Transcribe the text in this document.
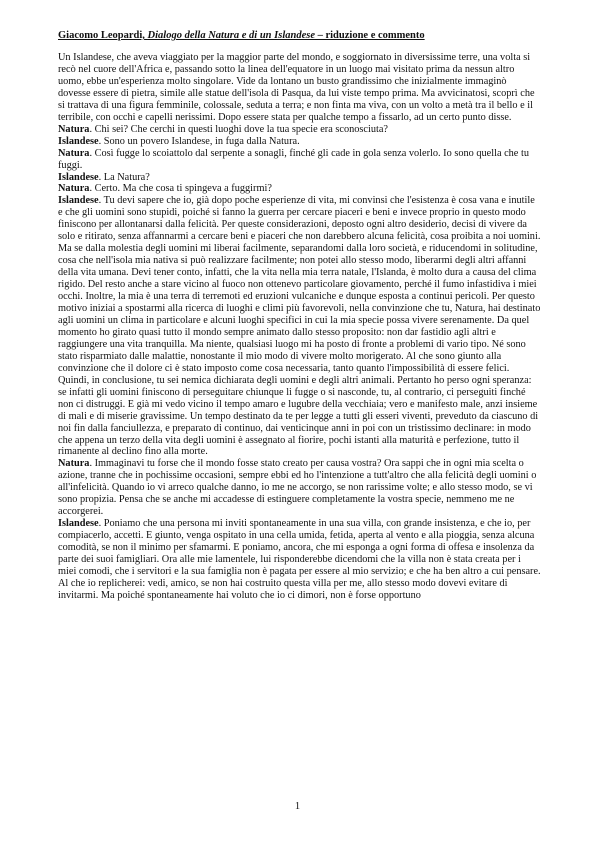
Giacomo Leopardi, Dialogo della Natura e di un Islandese – riduzione e commento

Un Islandese, che aveva viaggiato per la maggior parte del mondo, e soggiornato in diversissime terre, una volta si recò nel cuore dell'Africa e, passando sotto la linea dell'equatore in un luogo mai visitato prima da nessun altro uomo, ebbe un'esperienza molto singolare. Vide da lontano un busto grandissimo che inizialmente immaginò dovesse essere di pietra, simile alle statue dell'isola di Pasqua, da lui viste tempo prima. Ma avvicinatosi, scoprì che si trattava di una figura femminile, colossale, seduta a terra; e non finta ma viva, con un volto a metà tra il bello e il terribile, con occhi e capelli nerissimi. Dopo essere stata per qualche tempo a fissarlo, ad un certo punto disse.

Natura. Chi sei? Che cerchi in questi luoghi dove la tua specie era sconosciuta?

Islandese. Sono un povero Islandese, in fuga dalla Natura.

Natura. Così fugge lo scoiattolo dal serpente a sonagli, finché gli cade in gola senza volerlo. Io sono quella che tu fuggi.

Islandese. La Natura?

Natura. Certo. Ma che cosa ti spingeva a fuggirmi?

Islandese. Tu devi sapere che io, già dopo poche esperienze di vita, mi convinsi che l'esistenza è cosa vana e inutile e che gli uomini sono stupidi, poiché si fanno la guerra per cercare piaceri e beni e invece proprio in questo modo finiscono per allontanarsi dalla felicità. Per queste considerazioni, deposto ogni altro desiderio, decisi di vivere da solo e ritirato, senza affannarmi a cercare beni e piaceri che non darebbero alcuna felicità, cosa proibita a noi uomini. Ma se dalla molestia degli uomini mi liberai facilmente, separandomi dalla loro società, e riducendomi in solitudine, cosa che nell'isola mia nativa si può realizzare facilmente; non potei allo stesso modo, liberarmi degli altri affanni della vita umana. Devi tener conto, infatti, che la vita nella mia terra natale, l'Islanda, è molto dura a causa del clima rigido. Del resto anche a stare vicino al fuoco non ottenevo particolare giovamento, perché il fumo infastidiva i miei occhi. Inoltre, la mia è una terra di terremoti ed eruzioni vulcaniche e dunque esposta a continui pericoli. Per questo motivo iniziai a spostarmi alla ricerca di luoghi e climi più favorevoli, nella convinzione che tu, Natura, hai destinato agli uomini un clima in particolare e alcuni luoghi specifici in cui la mia specie possa vivere serenamente. Da quel momento ho girato quasi tutto il mondo sempre animato dallo stesso proposito: non dar fastidio agli altri e raggiungere una vita tranquilla. Ma niente, qualsiasi luogo mi ha posto di fronte a problemi di vario tipo. Né sono stato risparmiato dalle malattie, nonostante il mio modo di vivere molto morigerato. Al che sono giunto alla convinzione che il dolore ci è stato imposto come cosa necessaria, tanto quanto l'impossibilità di essere felici. Quindi, in conclusione, tu sei nemica dichiarata degli uomini e degli altri animali. Pertanto ho perso ogni speranza: se infatti gli uomini finiscono di perseguitare chiunque li fugge o si nasconde, tu, al contrario, ci perseguiti finché non ci distruggi. E già mi vedo vicino il tempo amaro e lugubre della vecchiaia; vero e manifesto male, anzi insieme di mali e di miserie gravissime. Un tempo destinato da te per legge a tutti gli esseri viventi, preveduto da ciascuno di noi fin dalla fanciullezza, e preparato di continuo, dai venticinque anni in poi con un tristissimo declinare: in modo che appena un terzo della vita degli uomini è assegnato al fiorire, pochi istanti alla maturità e perfezione, tutto il rimanente al declino fino alla morte.

Natura. Immaginavi tu forse che il mondo fosse stato creato per causa vostra? Ora sappi che in ogni mia scelta o azione, tranne che in pochissime occasioni, sempre ebbi ed ho l'intenzione a tutt'altro che alla felicità degli uomini o all'infelicità. Quando io vi arreco qualche danno, io me ne accorgo, se non rarissime volte; e allo stesso modo, se vi sono propizia. Pensa che se anche mi accadesse di estinguere completamente la vostra specie, nemmeno me ne accorgerei.

Islandese. Poniamo che una persona mi inviti spontaneamente in una sua villa, con grande insistenza, e che io, per compiacerlo, accetti. E giunto, venga ospitato in una cella umida, fetida, aperta al vento e alla pioggia, senza alcuna comodità, se non il minimo per sfamarmi. E poniamo, ancora, che mi esponga a ogni forma di offesa e insolenza da parte dei suoi famigliari. Ora alle mie lamentele, lui risponderebbe dicendomi che la villa non è stata creata per i miei comodi, che i servitori e la sua famiglia non è pagata per essere al mio servizio; e che ha ben altro a cui pensare. Al che io replicherei: vedi, amico, se non hai costruito questa villa per me, allo stesso modo dovevi evitare di invitarmi. Ma poiché spontaneamente hai voluto che io ci dimori, non è forse opportuno

1
